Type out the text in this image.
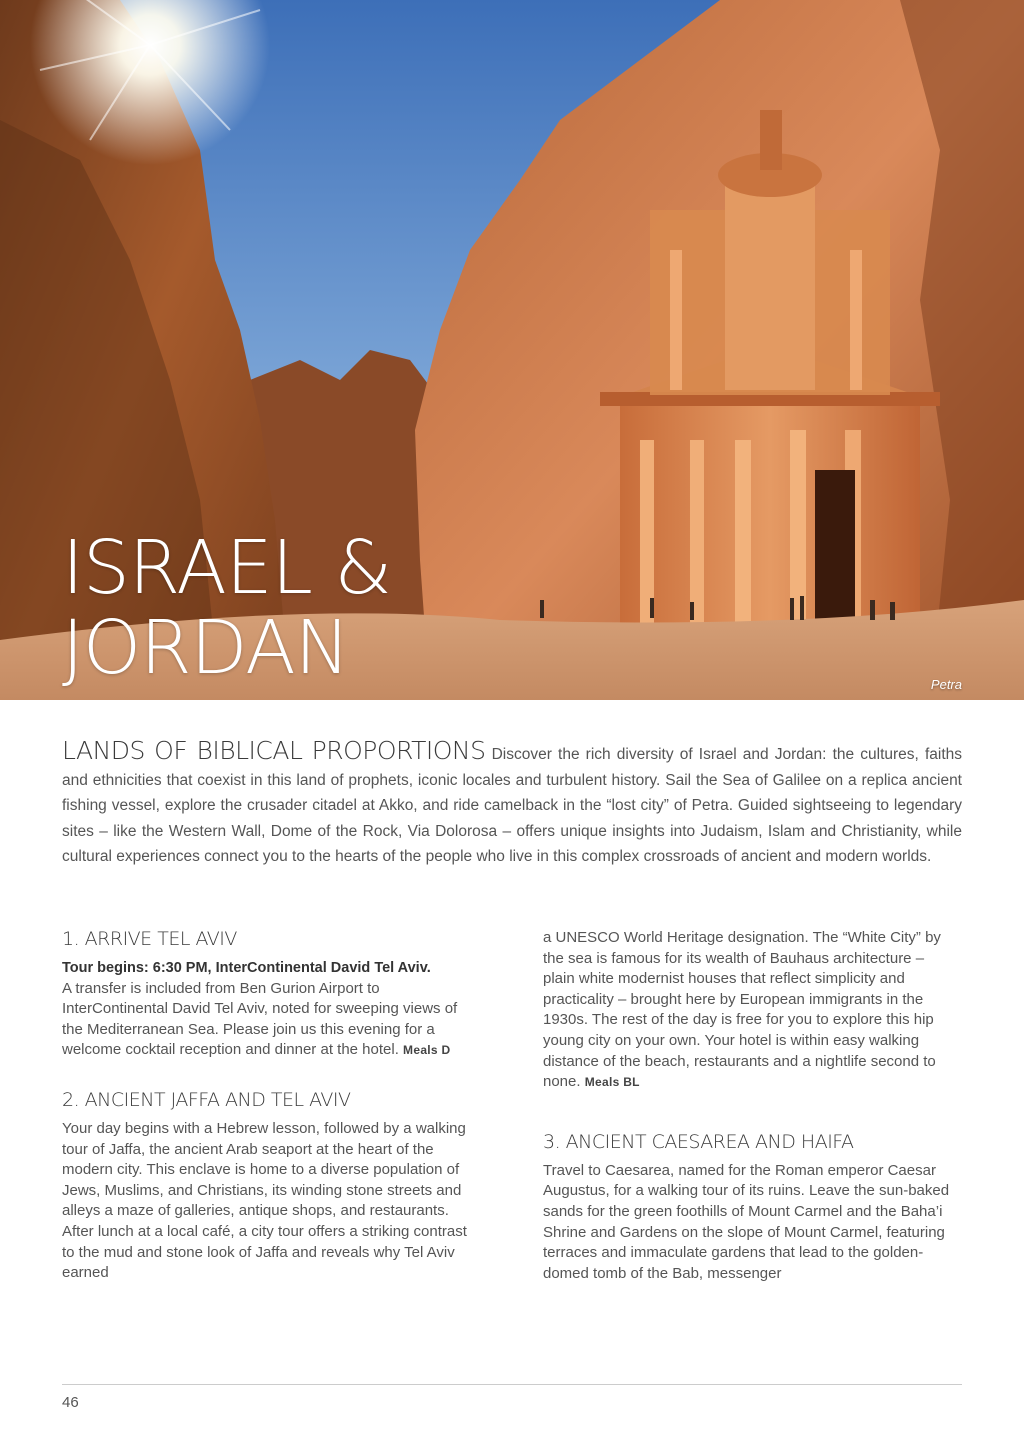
ISRAEL &
JORDAN	Petra

LANDS OF BIBLICAL PROPORTIONS Discover the rich diversity of Israel and Jordan: the cultures, faiths and ethnicities that coexist in this land of prophets, iconic locales and turbulent history. Sail the Sea of Galilee on a replica ancient fishing vessel, explore the crusader citadel at Akko, and ride camelback in the “lost city” of Petra. Guided sightseeing to legendary sites – like the Western Wall, Dome of the Rock, Via Dolorosa – offers unique insights into Judaism, Islam and Christianity, while cultural experiences connect you to the hearts of the people who live in this complex crossroads of ancient and modern worlds.

1. ARRIVE TEL AVIV

Tour begins: 6:30 PM, InterContinental David Tel Aviv.
A transfer is included from Ben Gurion Airport to InterContinental David Tel Aviv, noted for sweeping views of the Mediterranean Sea. Please join us this evening for a welcome cocktail reception and dinner at the hotel. Meals D

2. ANCIENT JAFFA AND TEL AVIV

Your day begins with a Hebrew lesson, followed by a walking tour of Jaffa, the ancient Arab seaport at the heart of the modern city. This enclave is home to a diverse population of Jews, Muslims, and Christians, its winding stone streets and alleys a maze of galleries, antique shops, and restaurants. After lunch at a local café, a city tour offers a striking contrast to the mud and stone look of Jaffa and reveals why Tel Aviv earned

a UNESCO World Heritage designation. The “White City” by the sea is famous for its wealth of Bauhaus architecture – plain white modernist houses that reflect simplicity and practicality – brought here by European immigrants in the 1930s. The rest of the day is free for you to explore this hip young city on your own. Your hotel is within easy walking distance of the beach, restaurants and a nightlife second to none. Meals BL

3. ANCIENT CAESAREA AND HAIFA

Travel to Caesarea, named for the Roman emperor Caesar Augustus, for a walking tour of its ruins. Leave the sun-baked sands for the green foothills of Mount Carmel and the Baha’i Shrine and Gardens on the slope of Mount Carmel, featuring terraces and immaculate gardens that lead to the golden-domed tomb of the Bab, messenger

46
